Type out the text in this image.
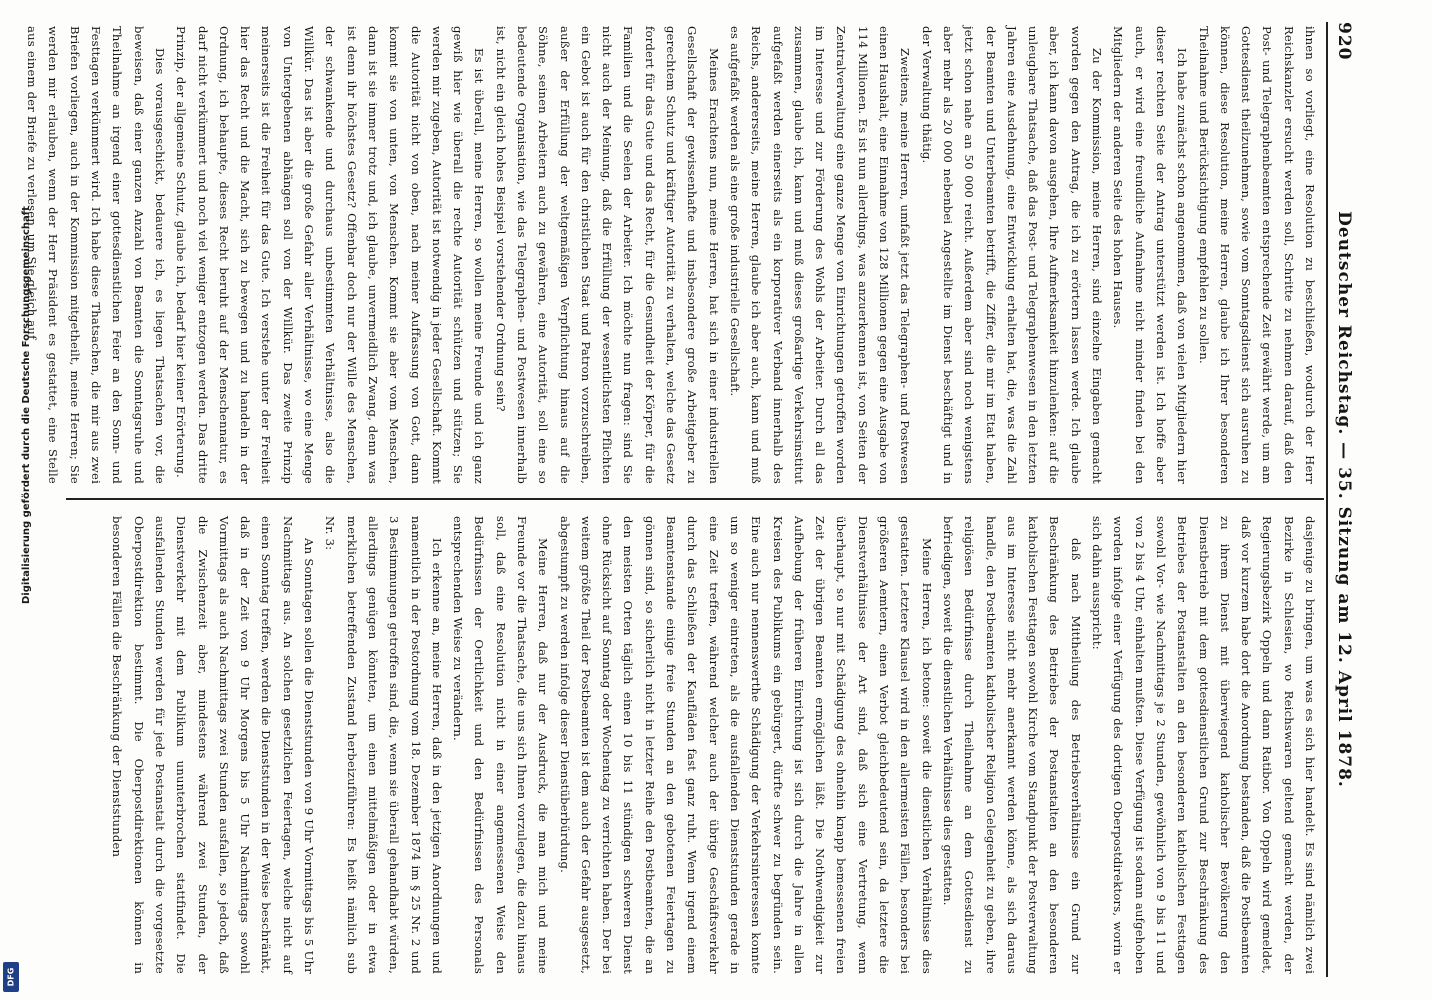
920
Deutscher Reichstag. — 35. Sitzung am 12. April 1878.

ihnen so vorliegt, eine Resolution zu beschließen, wodurch der Herr Reichskanzler ersucht werden soll, Schritte zu nehmen darauf, daß den Post- und Telegraphenbeamten entsprechende Zeit gewährt werde, um am Gottesdienst theilzunehmen, sowie vom Sonntagsdienst sich ausruhen zu können, diese Resolution, meine Herren, glaube ich Ihrer besonderen Theilnahme und Berücksichtigung empfehlen zu sollen.

Ich habe zunächst schon angenommen, daß von vielen Mitgliedern hier dieser rechten Seite der Antrag unterstützt werden ist. Ich hoffe aber auch, er wird eine freundliche Aufnahme nicht minder finden bei den Mitgliedern der anderen Seite des hohen Hauses.

Zu der Kommission, meine Herren, sind einzelne Eingaben gemacht worden gegen den Antrag, die ich zu erörtern lassen werde. Ich glaube aber, ich kann davon ausgehen, Ihre Aufmerksamkeit hinzulenken: auf die unleugbare Thatsache, daß das Post- und Telegraphenwesen in den letzten Jahren eine Ausdehnung, eine Entwicklung erhalten hat, die, was die Zahl der Beamten und Unterbeamten betrifft, die Ziffer, die mir im Etat haben, jetzt schon nahe an 50 000 reicht. Außerdem aber sind noch wenigstens aber mehr als 20 000 nebenbei Angestellte im Dienst beschäftigt und in der Verwaltung thätig.

Zweitens, meine Herren, umfaßt jetzt das Telegraphen- und Postwesen einen Haushalt, eine Einnahme von 128 Millionen gegen eine Ausgabe von 114 Millionen. Es ist nun allerdings, was anzuerkennen ist, von Seiten der Zentralverwaltung eine ganze Menge von Einrichtungen getroffen worden im Interesse und zur Förderung des Wohls der Arbeiter. Durch all das zusammen, glaube ich, kann und muß dieses großartige Verkehrsinstitut aufgefaßt werden einerseits als ein korporativer Verband innerhalb des Reichs, andererseits, meine Herren, glaube ich aber auch, kann und muß es aufgefaßt werden als eine große industrielle Gesellschaft.

Meines Erachtens nun, meine Herren, hat sich in einer industriellen Gesellschaft der gewissenhafte und insbesondere große Arbeitgeber zu gerechtem Schutz und kräftiger Autorität zu verhalten, welche das Gesetz fordert für das Gute und das Recht, für die Gesundheit der Körper, für die Familien und die Seelen der Arbeiter. Ich möchte nun fragen: sind Sie nicht auch der Meinung, daß die Erfüllung der wesentlichsten Pflichten ein Gebot ist auch für den christlichen Staat und Patron vorzuschreiben, außer der Erfüllung der weltgemäßigen Verpflichtung hinaus auf die Söhne, seinen Arbeitern auch zu gewähren, eine Autorität, soll eine so bedeutende Organisation, wie das Telegraphen- und Postwesen innerhalb ist, nicht ein gleich hohes Beispiel vorstehender Ordnung sein?

Es ist überall, meine Herren, so wollen meine Freunde und ich ganz gewiß hier wie überall die rechte Autorität schützen und stützen; Sie werden mir zugeben, Autorität ist notwendig in jeder Gesellschaft. Kommt die Autorität nicht von oben, nach meiner Auffassung von Gott, dann kommt sie von unten, von Menschen. Kommt sie aber vom Menschen, dann ist sie immer trotz und, ich glaube, unvermeidlich Zwang, denn was ist denn ihr höchstes Gesetz? Offenbar doch nur der Wille des Menschen, der schwankende und durchaus unbestimmten Verhältnisse, also die Willkür. Das ist aber die große Gefahr aller Verhältnisse, wo eine Menge von Untergebenen abhängen soll von der Willkür. Das zweite Prinzip meinerseits ist die Freiheit für das Gute. Ich verstehe unter der Freiheit hier das Recht und die Macht, sich zu bewegen und zu handeln in der Ordnung, ich behaupte, dieses Recht beruht auf der Menschennatur, es darf nicht verkümmert und noch viel weniger entzogen werden. Das dritte Prinzip, der allgemeine Schutz, glaube ich, bedarf hier keiner Erörterung.

Dies vorausgeschickt, bedauere ich, es liegen Thatsachen vor, die beweisen, daß einer ganzen Anzahl von Beamten die Sonntagsruhe und Theilnahme an irgend einer gottesdienstlichen Feier an den Sonn- und Festtagen verkümmert wird. Ich habe diese Thatsachen, die mir aus zwei Briefen vorliegen, auch in der Kommission mitgetheilt, meine Herren; Sie werden mir erlauben, wenn der Herr Präsident es gestattet, eine Stelle aus einem der Briefe zu verlesen, um Sie gleich auf

dasjenige zu bringen, um was es sich hier handelt. Es sind nämlich zwei Bezirke in Schlesien, wo Reichswaren geltend gemacht werden, der Regierungsbezirk Oppeln und dann Ratibor. Von Oppeln wird gemeldet, daß vor kurzem habe dort die Anordnung bestanden, daß die Postbeamten zu ihrem Dienst mit überwiegend katholischer Bevölkerung den Dienstbetrieb mit dem gottesdienstlichen Grund zur Beschränkung des Betriebes der Postanstalten an den besonderen katholischen Festtagen sowohl Vor- wie Nachmittags je 2 Stunden, gewöhnlich von 9 bis 11 und von 2 bis 4 Uhr, einhalten mußten. Diese Verfügung ist sodann aufgehoben worden infolge einer Verfügung des dortigen Oberpostdirektors, worin er sich dahin ausspricht:

daß nach Mittheilung des Betriebsverhältnisse ein Grund zur Beschränkung des Betriebes der Postanstalten an den besonderen katholischen Festtagen sowohl Kirche vom Standpunkt der Postverwaltung aus im Interesse nicht mehr anerkannt werden könne, als sich daraus handle, den Postbeamten katholischer Religion Gelegenheit zu geben, ihre religiösen Bedürfnisse durch Theilnahme an dem Gottesdienst zu befriedigen, soweit die dienstlichen Verhältnisse dies gestatten.

Meine Herren, ich betone: soweit die dienstlichen Verhältnisse dies gestatten. Letztere Klausel wird in den allermeisten Fällen, besonders bei größeren Aemtern, einen Verbot gleichbedeutend sein, da letztere die Dienstverhältnisse der Art sind, daß sich eine Vertretung, wenn überhaupt, so nur mit Schädigung des ohnehin knapp bemessenen freien Zeit der übrigen Beamten ermöglichen läßt. Die Nothwendigkeit zur Aufhebung der früheren Einrichtung ist sich durch die Jahre in allen Kreisen des Publikums ein gebürgert, dürfte schwer zu begründen sein. Eine auch nur nennenswerthe Schädigung der Verkehrsinteressen konnte um so weniger eintreten, als die ausfallenden Dienststunden gerade in eine Zeit treffen, während welcher auch der übrige Geschäftsverkehr durch das Schließen der Kaufläden fast ganz ruht. Wenn irgend einem Beamtenstande einige freie Stunden an den gebotenen Feiertagen zu gönnen sind, so sicherlich nicht in letzter Reihe den Postbeamten, die an den meisten Orten täglich einen 10 bis 11 stündigen schweren Dienst ohne Rücksicht auf Sonntag oder Wochentag zu verrichten haben. Der bei weitem größte Theil der Postbeamten ist dem auch der Gefahr ausgesetzt, abgestumpft zu werden infolge dieser Dienstüberbürdung.

Meine Herren, daß nur der Ausdruck, die man mich und meine Freunde vor die Thatsache, die uns sich Ihnen vorzulegen, die dazu hinaus soll, daß eine Resolution nicht in einer angemessenen Weise den Bedürfnissen der Oertlichkeit und den Bedürfnissen des Personals entsprechenden Weise zu verändern.

Ich erkenne an, meine Herren, daß in den jetzigen Anordnungen und namentlich in der Postordnung vom 18. Dezember 1874 im § 25 Nr. 2 und 3 Bestimmungen getroffen sind, die, wenn sie überall gehandhabt würden, allerdings genügen könnten, um einen mittelmäßigen oder in etwa merklichen betreffenden Zustand herbeizuführen: Es heißt nämlich sub Nr. 3:

An Sonntagen sollen die Dienststunden von 9 Uhr Vormittags bis 5 Uhr Nachmittags aus. An solchen gesetzlichen Feiertagen, welche nicht auf einen Sonntag treffen, werden die Dienststunden in der Weise beschränkt, daß in der Zeit von 9 Uhr Morgens bis 5 Uhr Nachmittags sowohl Vormittags als auch Nachmittags zwei Stunden ausfallen, so jedoch, daß die Zwischenzeit aber, mindestens während zwei Stunden, der Dienstverkehr mit dem Publikum ununterbrochen stattfindet. Die ausfallenden Stunden werden für jede Postanstalt durch die vorgesetzte Oberpostdirektion bestimmt. Die Oberpostdirektionen können in besonderen Fällen die Beschränkung der Dienststunden

Digitalisierung gefördert durch die Deutsche Forschungsgemeinschaft
DFG
